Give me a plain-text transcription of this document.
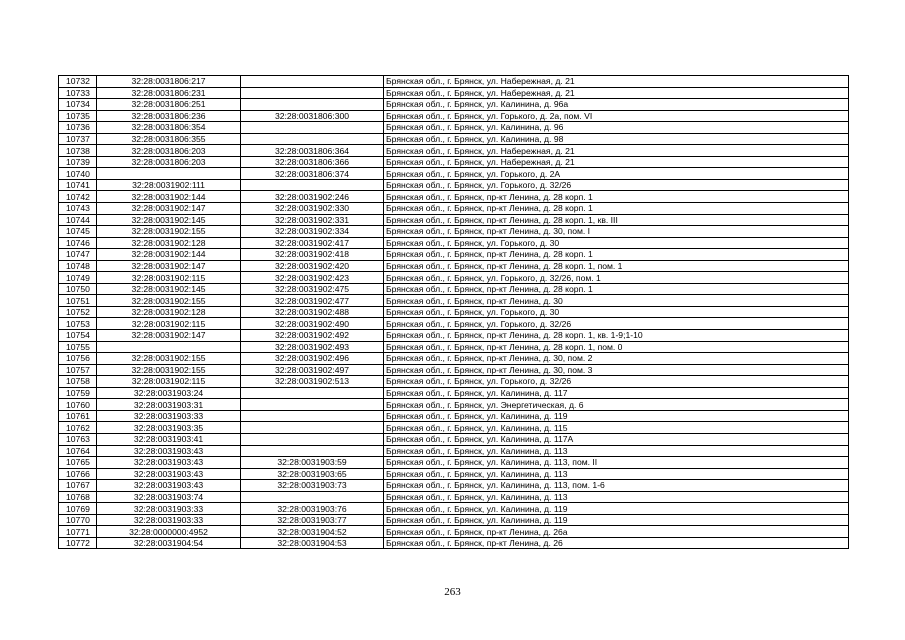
10732	32:28:0031806:217		Брянская обл., г. Брянск, ул. Набережная, д. 21
10733	32:28:0031806:231		Брянская обл., г. Брянск, ул. Набережная, д. 21
10734	32:28:0031806:251		Брянская обл., г. Брянск, ул. Калинина, д. 96а
10735	32:28:0031806:236	32:28:0031806:300	Брянская обл., г. Брянск, ул. Горького, д. 2а, пом. VI
10736	32:28:0031806:354		Брянская обл., г. Брянск, ул. Калинина, д. 96
10737	32:28:0031806:355		Брянская обл., г. Брянск, ул. Калинина, д. 98
10738	32:28:0031806:203	32:28:0031806:364	Брянская обл., г. Брянск, ул. Набережная, д. 21
10739	32:28:0031806:203	32:28:0031806:366	Брянская обл., г. Брянск, ул. Набережная, д. 21
10740		32:28:0031806:374	Брянская обл., г. Брянск, ул. Горького, д. 2А
10741	32:28:0031902:111		Брянская обл., г. Брянск, ул. Горького, д. 32/26
10742	32:28:0031902:144	32:28:0031902:246	Брянская обл., г. Брянск, пр-кт Ленина, д. 28 корп. 1
10743	32:28:0031902:147	32:28:0031902:330	Брянская обл., г. Брянск, пр-кт Ленина, д. 28 корп. 1
10744	32:28:0031902:145	32:28:0031902:331	Брянская обл., г. Брянск, пр-кт Ленина, д. 28 корп. 1, кв. III
10745	32:28:0031902:155	32:28:0031902:334	Брянская обл., г. Брянск, пр-кт Ленина, д. 30, пом. I
10746	32:28:0031902:128	32:28:0031902:417	Брянская обл., г. Брянск, ул. Горького, д. 30
10747	32:28:0031902:144	32:28:0031902:418	Брянская обл., г. Брянск, пр-кт Ленина, д. 28 корп. 1
10748	32:28:0031902:147	32:28:0031902:420	Брянская обл., г. Брянск, пр-кт Ленина, д. 28 корп. 1, пом. 1
10749	32:28:0031902:115	32:28:0031902:423	Брянская обл., г. Брянск, ул. Горького, д. 32/26, пом. 1
10750	32:28:0031902:145	32:28:0031902:475	Брянская обл., г. Брянск, пр-кт Ленина, д. 28 корп. 1
10751	32:28:0031902:155	32:28:0031902:477	Брянская обл., г. Брянск, пр-кт Ленина, д. 30
10752	32:28:0031902:128	32:28:0031902:488	Брянская обл., г. Брянск, ул. Горького, д. 30
10753	32:28:0031902:115	32:28:0031902:490	Брянская обл., г. Брянск, ул. Горького, д. 32/26
10754	32:28:0031902:147	32:28:0031902:492	Брянская обл., г. Брянск, пр-кт Ленина, д. 28 корп. 1, кв. 1-9;1-10
10755		32:28:0031902:493	Брянская обл., г. Брянск, пр-кт Ленина, д. 28 корп. 1, пом. 0
10756	32:28:0031902:155	32:28:0031902:496	Брянская обл., г. Брянск, пр-кт Ленина, д. 30, пом. 2
10757	32:28:0031902:155	32:28:0031902:497	Брянская обл., г. Брянск, пр-кт Ленина, д. 30, пом. 3
10758	32:28:0031902:115	32:28:0031902:513	Брянская обл., г. Брянск, ул. Горького, д. 32/26
10759	32:28:0031903:24		Брянская обл., г. Брянск, ул. Калинина, д. 117
10760	32:28:0031903:31		Брянская обл., г. Брянск, ул. Энергетическая, д. 6
10761	32:28:0031903:33		Брянская обл., г. Брянск, ул. Калинина, д. 119
10762	32:28:0031903:35		Брянская обл., г. Брянск, ул. Калинина, д. 115
10763	32:28:0031903:41		Брянская обл., г. Брянск, ул. Калинина, д. 117А
10764	32:28:0031903:43		Брянская обл., г. Брянск, ул. Калинина, д. 113
10765	32:28:0031903:43	32:28:0031903:59	Брянская обл., г. Брянск, ул. Калинина, д. 113, пом. II
10766	32:28:0031903:43	32:28:0031903:65	Брянская обл., г. Брянск, ул. Калинина, д. 113
10767	32:28:0031903:43	32:28:0031903:73	Брянская обл., г. Брянск, ул. Калинина, д. 113, пом. 1-6
10768	32:28:0031903:74		Брянская обл., г. Брянск, ул. Калинина, д. 113
10769	32:28:0031903:33	32:28:0031903:76	Брянская обл., г. Брянск, ул. Калинина, д. 119
10770	32:28:0031903:33	32:28:0031903:77	Брянская обл., г. Брянск, ул. Калинина, д. 119
10771	32:28:0000000:4952	32:28:0031904:52	Брянская обл., г. Брянск, пр-кт Ленина, д. 26а
10772	32:28:0031904:54	32:28:0031904:53	Брянская обл., г. Брянск, пр-кт Ленина, д. 26
263
